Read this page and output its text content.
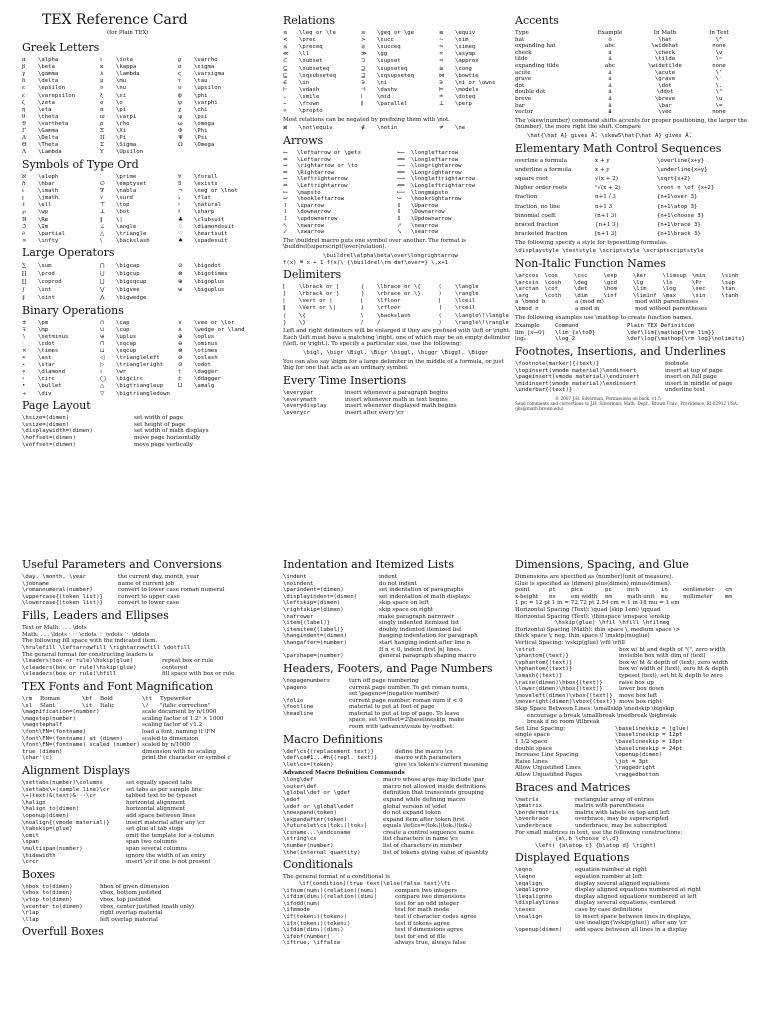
TEX Reference Card
(for Plain TEX)
Greek Letters
α \alpha	ι \iota	ϱ \varrho
β \beta	κ \kappa	σ \sigma
γ \gamma	λ \lambda	ς \varsigma
δ \delta	μ \mu	τ \tau
ε \epsilon	ν \nu	υ \upsilon
ε \varepsilon	ξ \xi	ϕ \phi
ζ \zeta	o \o	φ \varphi
η \eta	π \pi	χ \chi
θ \theta	ϖ \varpi	ψ \psi
ϑ \vartheta	ρ \rho	ω \omega
Γ \Gamma	Ξ \Xi	Φ \Phi
Δ \Delta	Π \Pi	Ψ \Psi
Θ \Theta	Σ \Sigma	Ω \Omega
Λ \Lambda	Υ \Upsilon
Symbols of Type Ord
ℵ \aleph	′	\prime	∀ \forall
ℏ \hbar	∅ \emptyset	∃ \exists
ı	\imath	∇ \nabla	¬ \neg or \lnot
ȷ	\jmath	√ \surd	♭ \flat
ℓ \ell	⊤ \top	♮	\natural
℘ \wp	⊥ \bot	♯ \sharp
ℜ \Re	‖ \|	♣ \clubsuit
ℑ \Im	∠ \angle	♢ \diamondsuit
∂ \partial	△ \triangle	♡ \heartsuit
∞ \infty	\	\backslash	♠ \spadesuit
Large Operators
∑ \sum	⋂ \bigcap	⊙ \bigodot
∏ \prod	⋃ \bigcup	⊗ \bigotimes
∐ \coprod	⨆ \bigsqcup	⊕ \bigoplus
∫ \int	⋁ \bigvee	⊎ \biguplus
∮ \oint	⋀ \bigwedge
Binary Operations
± \pm	∩ \cap	∨ \vee or \lor
∓ \mp	∪ \cup	∧ \wedge or \land
∖ \setminus	⊎ \uplus	⊕ \oplus
·	\cdot	⊓ \sqcap	⊖ \ominus
× \times	⊔ \sqcup	⊗ \otimes
∗ \ast	◁ \triangleleft	⊘ \oslash
⋆ \star	▷ \triangleright	⊙ \odot
⋄ \diamond	≀ \wr	† \dagger
∘ \circ	◯ \bigcirc	‡ \ddagger
• \bullet	△ \bigtriangleup	⨿ \amalg
÷ \div	▽ \bigtriangledown
Page Layout
\hsize=⟨dimen⟩	set width of page
\vsize=⟨dimen⟩	set height of page
\displaywidth=⟨dimen⟩	set width of math displays
\hoffset=⟨dimen⟩	move page horizontally
\voffset=⟨dimen⟩	move page vertically
Relations
≤ \leq or \le	≥ \geq or \ge	≡ \equiv
≺ \prec	≻ \succ	∼ \sim
⪯ \preceq	⪰ \succeq	≃ \simeq
≪ \ll	≫ \gg	≍ \asymp
⊂ \subset	⊃ \supset	≈ \approx
⊆ \subseteq	⊇ \supseteq	≅ \cong
⊑ \sqsubseteq	⊒ \sqsupseteq	⋈ \bowtie
∈ \in	∋ \ni	∋ \ni or \owns
⊢ \vdash	⊣ \dashv	⊨ \models
⌣ \smile	∣	\mid	≐ \doteq
⌢ \frown	∥ \parallel	⊥ \perp
∝ \propto

Most relations can be negated by prefixing them with \not.

≢ \not\equiv	∉ \notin	≠ \ne
Arrows
←	\leftarrow or \gets	⟵	\longleftarrow
⇐	\Leftarrow	⟸	\Longleftarrow
→	\rightarrow or \to	⟶	\longrightarrow
⇒	\Rightarrow	⟹	\Longrightarrow
↔	\leftrightarrow	⟷	\longleftrightarrow
⇔	\Leftrightarrow	⟺	\Longleftrightarrow
↦	\mapsto	⟼	\longmapsto
↩	\hookleftarrow	↪	\hookrightarrow
↑	\uparrow	⇑	\Uparrow
↓	\downarrow	⇓	\Downarrow
↕	\updownarrow	⇕	\Updownarrow
↖	\nwarrow	↗	\nearrow
↙	\swarrow	↘	\searrow

The \buildrel macro puts one symbol over another. The format is \buildrel⟨superscript⟩\over⟨relation⟩.

\buildrel\alpha\beta\over\longrightarrow
f(x) ≝ x + 1 f(x)\ {\buildrel\rm def\over=} \,x+1
Delimiters
[ \lbrack or [	{ \lbrace or \{	⟨ \langle
] \rbrack or ]	} \rbrace or \}	⟩ \rangle
|	\vert or |	⌊ \lfloor	⌈ \lceil
‖ \Vert or \|	⌋ \rfloor	⌉ \rceil
{ \{	\	\backslash	⟨ \langle\!\langle
} \}	/	/	⟩ \rangle\!\rangle

Left and right delimiters will be enlarged if they are prefixed with \left or \right. Each \left must have a matching \right, one of which may be an empty delimiter (\left. or \right.). To specify a particular size, use the following:

\bigl, \bigr \Bigl, \Bigr \biggl, \biggr \Biggl, \Biggr

You can also say \bigm for a large delimiter in the middle of a formula, or just \big for one that acts as an ordinary symbol.

Every Time Insertions
\everypar	insert whenever a paragraph begins
\everymath	insert whenever math in text begins
\everydisplay	insert whenever displayed math begins
\everycr	insert after every \cr
Accents
Type	Example	In Math	In Text
hat	ô	\hat	\^
expanding hat	abc	\widehat	none
check	ǎ	\check	\v
tilde	ã	\tilde	\~
expanding tilde	abc	\widetilde	none
acute	á	\acute	\'
grave	à	\grave	\`
dot	ȧ	\dot	\.
double dot	ä	\ddot	\"
breve	ă	\breve	\u
bar	ā	\bar	\=
vector	a⃗	\vec	none

The \skew⟨number⟩ command shifts accents for proper positioning, the larger the ⟨number⟩, the more right the shift. Compare

\hat{\hat A} gives Â̂, \skew5\hat{\hat A} gives Â̂.
Elementary Math Control Sequences
overline a formula	x + y	\overline{x+y}
underline a formula	x + y	\underline{x+y}
square root	√(x + 2)	\sqrt{x+2}
higher order roots	ⁿ√(x + 2)	\root n \of {x+2}
fraction	n+1 / 3	{n+1\over 3}
fraction, no line	n+1 3	{n+1\atop 3}
binomial coeff.	(n+1 3)	{n+1\choose 3}
braced fraction	{n+1 3}	{n+1\brace 3}
bracketed fraction	[n+1 3]	{n+1\brack 3}

The following specify a style for typesetting formulas.

\displaystyle \textstyle \scriptstyle \scriptscriptstyle
Non-Italic Function Names
\arccos	\cos	\csc	\exp	\ker	\limsup	\min	\sinh
\arcsin	\cosh	\deg	\gcd	\lg	\ln	\Pr	\sup
\arctan	\cot	\det	\hom	\lim	\log	\sec	\tan
\arg	\coth	\dim	\inf	\liminf	\max	\sin	\tanh
a \bmod b	a (mod m)	mod with parentheses
\bmod n	a mod m	mod without parentheses

The following examples use \mathop to create function names.

Example	Command	Plain TEX Definition
lim_{x→0}	\lim_{x\to0}	\def\lim{\mathop{\rm lim}}
log₂	\log_2	\def\log{\mathop{\rm log}\nolimits}
Footnotes, Insertions, and Underlines
\footnote⟨marker⟩{⟨text⟩}	footnote
\topinsert⟨vmode material⟩\endinsert	insert at top of page
\pageinsert⟨vmode material⟩\endinsert	insert on full page
\midinsert⟨vmode material⟩\endinsert	insert in middle of page
\underbar{⟨text⟩}	underline text
© 2007 J.H. Silverman, Permissions on back. v1.5
Send comments and corrections to J.H. Silverman, Math. Dept., Brown Univ., Providence, RI 02912 USA. ⟨jhs@math.brown.edu⟩
Useful Parameters and Conversions
\day, \month, \year	the current day, month, year
\jobname	name of current job
\romannumeral⟨number⟩	convert to lower case roman numeral
\uppercase{⟨token list⟩}	convert to upper case
\lowercase{⟨token list⟩}	convert to lower case
Fills, Leaders and Ellipses
Text or Math: . . . \dots
Math: . . . \ldots · · · \cdots ⋮ \vdots ⋱ \ddots
The following fill space with the indicated item.
\hrulefill \leftarrowfill \rightarrowfill \dotfill
The general format for constructing leaders is
\leaders⟨box or rule⟩\hskip⟨glue⟩	repeat box or rule
\cleaders⟨box or rule⟩\hskip⟨glue⟩	centered
\xleaders⟨box or rule⟩\hfill	fill space with box or rule
TEX Fonts and Font Magnification
\rm	Roman	\bf	Bold	\tt	Typewriter
\sl	Slant	\it	Italic	\/	"italic correction"
\magnification=⟨number⟩	scale document by n/1000
\magstep⟨number⟩	scaling factor of 1.2ⁿ × 1000
\magstephalf	scaling factor of √1.2
\font\FN=⟨fontname⟩	load a font, naming it \FN
\font\FN=⟨fontname⟩ at ⟨dimen⟩	scaled to dimension
\font\FN=⟨fontname⟩ scaled ⟨number⟩ scaled by n/1000
true ⟨dimen⟩	dimension with no scaling
\char'⟨c⟩	print the character or symbol c
Alignment Displays
\settabs⟨number⟩\columns	set equally spaced tabs
\settabs\+⟨sample line⟩\cr	set tabs as per sample line
\+⟨text⟩&⟨text⟩&···\cr	tabbed text to be typeset
\halign	horizontal alignment
\halign to⟨dimen⟩	horizontal alignment
\openup⟨dimen⟩	add space between lines
\noalign{⟨vmode material⟩}	insert material after any \cr
\tabskip=⟨glue⟩	set glue at tab stops
\omit	omit the template for a column
\span	span two columns
\multispan⟨number⟩	span several columns
\hidewidth	ignore the width of an entry
\crcr	insert \cr if one is not present
Boxes
\hbox to⟨dimen⟩	hbox of given dimension
\vbox to⟨dimen⟩	vbox, bottom justified
\vtop to⟨dimen⟩	vbox, top justified
\vcenter to⟨dimen⟩	vbox, center justified (math only)
\rlap	right overlap material
\llap	left overlap material
Overfull Boxes
Indentation and Itemized Lists
\indent	indent
\noindent	do not indent
\parindent=⟨dimen⟩	set indentation of paragraphs
\displayindent=⟨dimen⟩	set indentation of math displays
\leftskip=⟨dimen⟩	skip space on left
\rightskip=⟨dimen⟩	skip space on right
\narrower	make paragraph narrower
\item{⟨label⟩}	singly indented itemized list
\itemitem{⟨label⟩}	doubly indented itemized list
\hangindent=⟨dimen⟩	hanging indentation for paragraph
\hangafter=⟨number⟩	start hanging indent after line n.
If n < 0, indent first |n| lines.
\parshape=⟨number⟩	general paragraph shaping macro
Headers, Footers, and Page Numbers
\nopagenumbers	turn off page numbering
\pageno	current page number. To get roman nums,
set \pageno=⟨negative number⟩
\folio	current page number, roman num if < 0
\footline	material to put at foot of page
\headline	material to put at top of page. To leave
space, set \voffset=2\baselineskip, make
room with \advance\vsize by-\voffset.
Macro Definitions
\def\cs{⟨replacement text⟩}	define the macro \cs
\def\cs#1...#n{⟨repl. text⟩}	macro with parameters
\let\cs=⟨token⟩	give \cs token's current meaning
Advanced Macro Definition Commands
\long\def	macro whose args may include \par
\outer\def	macro not allowed inside definitions
\global\def or \gdef	definition that transcends grouping
\edef	expand while defining macro
\xdef or \global\edef	global version of \edef
\noexpand⟨token⟩	do not expand token
\expandafter⟨token⟩	expand item after token first
\futurelet\cs⟨tok₁⟩⟨tok₂⟩	equals \let\cs=⟨tok₂⟩⟨tok₁⟩⟨tok₂⟩
\csname...\endcsname	create a control sequence name
\string\cs	list characters in name \cs
\number⟨number⟩	list of characters in number
\the⟨internal quantity⟩	list of tokens giving value of quantity
Conditionals
The general format of a conditional is
\if⟨condition⟩⟨true text⟩\else⟨false text⟩\fi
\ifnum⟨num₁⟩⟨relation⟩⟨num₂⟩	compare two integers
\ifdim⟨dim₁⟩⟨relation⟩⟨dim₂⟩	compare two dimensions
\ifodd⟨num⟩	test for an odd integer
\ifmmode	test for math mode
\if⟨token₁⟩⟨token₂⟩	test if character codes agree
\ifx⟨token₁⟩⟨token₂⟩	test if tokens agree
\ifdim⟨dim₁⟩⟨dim₂⟩	test if dimensions agree
\ifeof⟨number⟩	test for end of file
\iftrue, \iffalse	always true, always false
Dimensions, Spacing, and Glue
Dimensions are specified as ⟨number⟩⟨unit of measure⟩.
Glue is specified as ⟨dimen⟩ plus⟨dimen⟩ minus⟨dimen⟩.
point	pt	pica	pc	inch	in	centimeter	cm
x-height	ex	em width	em	math unit	mu	millimeter	mm
1 pc = 12 pt 1 in = 72.72 pt 2.54 cm = 1 in 18 mu = 1 em
Horizontal Spacing (Text): \quad ⟨skip 1em⟩ \qquad
Horizontal Spacing (Text): \thinspace \enspace \enskip
\hskip⟨glue⟩ \hfil \hfill \hfilneg
Horizontal Spacing (Math): thin space \, medium space \>
thick space \; neg. thin space \! \mskip⟨muglue⟩
Vertical Spacing: \vskip⟨glue⟩ \vfil \vfill
\strut	box w/ ht and depth of "(", zero width
\phantom{⟨text⟩}	invisible box with dim of ⟨text⟩
\vphantom{⟨text⟩}	box w/ ht & depth of ⟨text⟩, zero width
\hphantom{⟨text⟩}	box w/ width of ⟨text⟩, zero ht & depth
\smash{⟨text⟩}	typeset ⟨text⟩, set ht & depth to zero
\raise⟨dimen⟩\hbox{⟨text⟩}	raise box up
\lower⟨dimen⟩\hbox{⟨text⟩}	lower box down
\moveleft⟨dimen⟩\vbox{⟨text⟩}	move box left
\moveright⟨dimen⟩\vbox{⟨text⟩} move box right
Skip Space Between Lines: \smallskip \medskip \bigskip
encourage a break \smallbreak \medbreak \bigbreak
break if no room \filbreak
Set Line Spacing:	\baselineskip = ⟨glue⟩
single space	\baselineskip = 12pt
1 1/2 space	\baselineskip = 18pt
double space	\baselineskip = 24pt
Increase Line Spacing	\openup⟨dimen⟩
Raise Lines	\jot = 3pt
Allow Unjustified Lines	\raggedright
Allow Unjustified Pages	\raggedbottom
Braces and Matrices
\matrix	rectangular array of entries
\pmatrix	matrix with parentheses
\bordermatrix	matrix with labels on top and left
\overbrace	overbrace, may be superscripted
\underbrace	underbrace, may be subscripted
For small matrices in text, use the following constructions:
{a\,b \choose c\,d}
\left( {a\atop c} {b\atop d} \right)
Displayed Equations
\eqno	equation number at right
\leqno	equation number at left
\eqalign	display several aligned equations
\eqalignno	display aligned equations numbered at right
\leqalignno	display aligned equations numbered at left
\displaylines	display several equations, centered
\cases	case by case definitions
\noalign	to insert space between lines in displays,
use \noalign{\vskip⟨glue⟩} after any \cr
\openup⟨dimen⟩	add space between all lines in a display
